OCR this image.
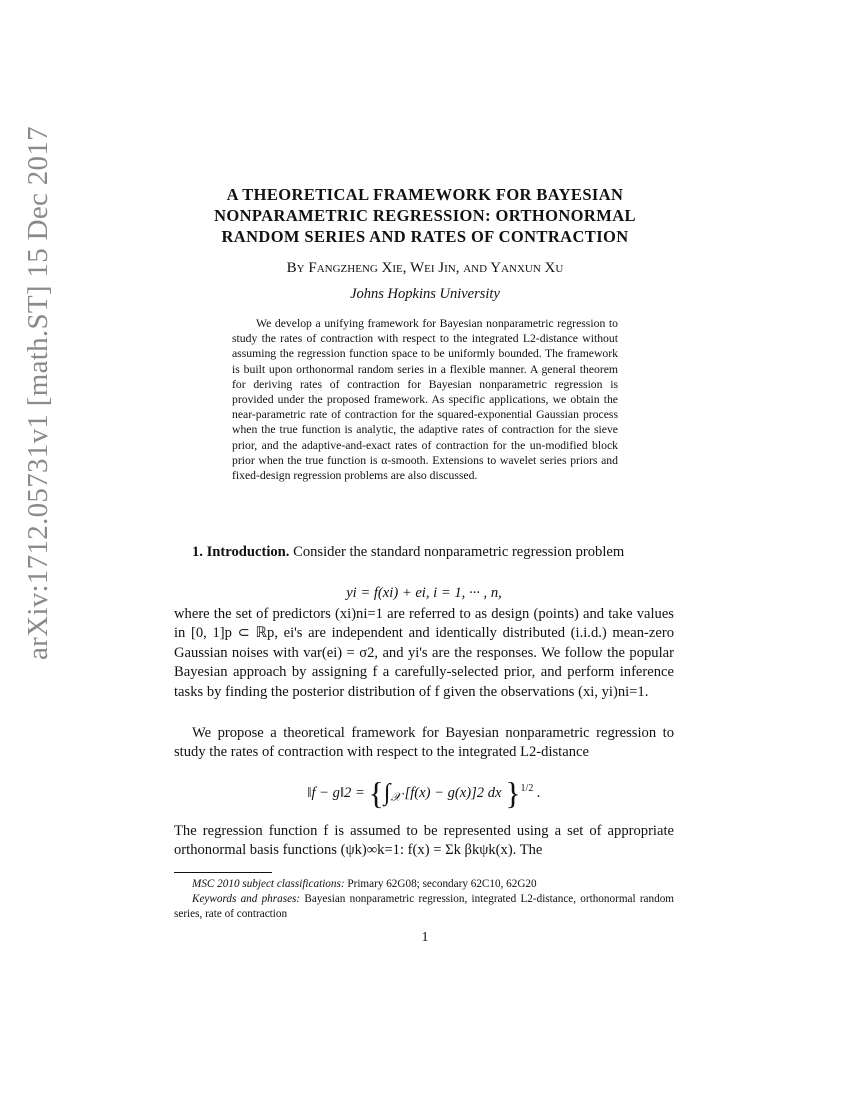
arXiv:1712.05731v1 [math.ST] 15 Dec 2017	A THEORETICAL FRAMEWORK FOR BAYESIAN NONPARAMETRIC REGRESSION: ORTHONORMAL RANDOM SERIES AND RATES OF CONTRACTION
By Fangzheng Xie, Wei Jin, and Yanxun Xu
Johns Hopkins University
We develop a unifying framework for Bayesian nonparametric regression to study the rates of contraction with respect to the integrated L2-distance without assuming the regression function space to be uniformly bounded. The framework is built upon orthonormal random series in a flexible manner. A general theorem for deriving rates of contraction for Bayesian nonparametric regression is provided under the proposed framework. As specific applications, we obtain the near-parametric rate of contraction for the squared-exponential Gaussian process when the true function is analytic, the adaptive rates of contraction for the sieve prior, and the adaptive-and-exact rates of contraction for the un-modified block prior when the true function is α-smooth. Extensions to wavelet series priors and fixed-design regression problems are also discussed.
1. Introduction. Consider the standard nonparametric regression problem
yi = f(xi) + ei, i = 1, ··· , n,
where the set of predictors (xi)ni=1 are referred to as design (points) and take values in [0, 1]p ⊂ ℝp, ei's are independent and identically distributed (i.i.d.) mean-zero Gaussian noises with var(ei) = σ2, and yi's are the responses. We follow the popular Bayesian approach by assigning f a carefully-selected prior, and perform inference tasks by finding the posterior distribution of f given the observations (xi, yi)ni=1.
We propose a theoretical framework for Bayesian nonparametric regression to study the rates of contraction with respect to the integrated L2-distance
‖f − g‖2 = {$\int_𝒳$ [f(x) − g(x)]2 dx }$^{1/2}$ .
The regression function f is assumed to be represented using a set of appropriate orthonormal basis functions (ψk)∞k=1: f(x) = Σk βkψk(x). The
MSC 2010 subject classifications: Primary 62G08; secondary 62C10, 62G20
Keywords and phrases: Bayesian nonparametric regression, integrated L2-distance, orthonormal random series, rate of contraction
1
